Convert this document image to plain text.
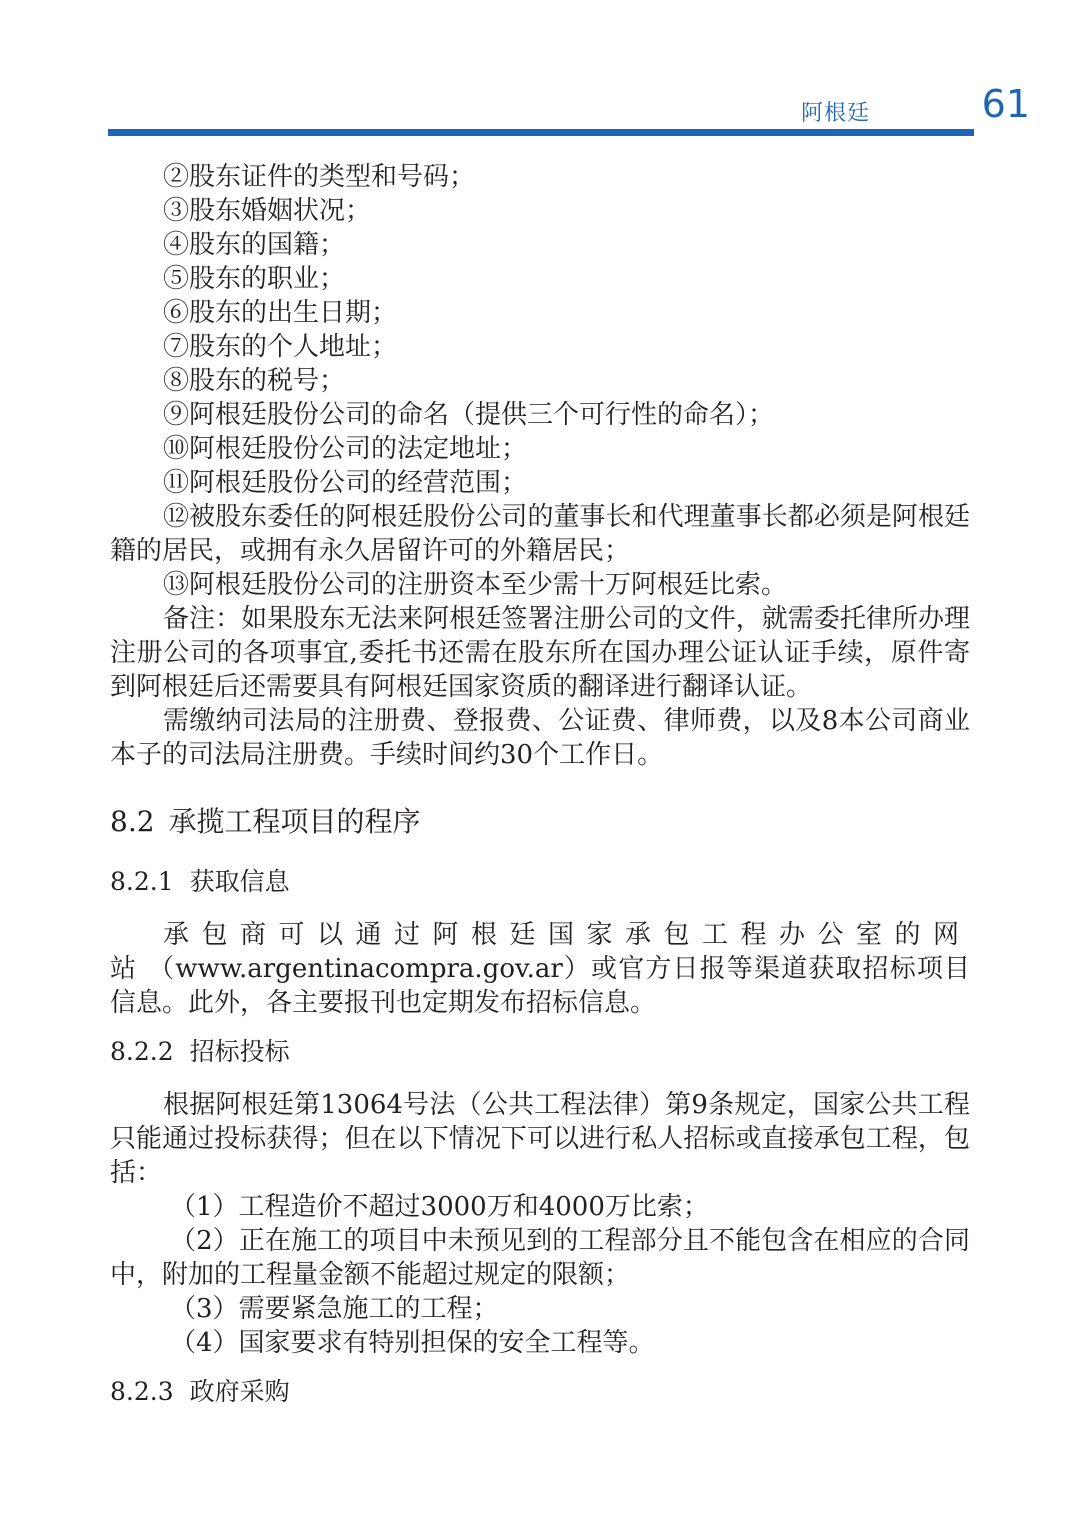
阿根廷	61

②股东证件的类型和号码；

③股东婚姻状况；

④股东的国籍；

⑤股东的职业；

⑥股东的出生日期；

⑦股东的个人地址；

⑧股东的税号；

⑨阿根廷股份公司的命名（提供三个可行性的命名）；

⑩阿根廷股份公司的法定地址；

⑪阿根廷股份公司的经营范围；

⑫被股东委任的阿根廷股份公司的董事长和代理董事长都必须是阿根廷籍的居民，或拥有永久居留许可的外籍居民；

⑬阿根廷股份公司的注册资本至少需十万阿根廷比索。

备注：如果股东无法来阿根廷签署注册公司的文件，就需委托律所办理注册公司的各项事宜,委托书还需在股东所在国办理公证认证手续，原件寄到阿根廷后还需要具有阿根廷国家资质的翻译进行翻译认证。

需缴纳司法局的注册费、登报费、公证费、律师费，以及8本公司商业本子的司法局注册费。手续时间约30个工作日。

8.2 承揽工程项目的程序
8.2.1 获取信息

承包商可以通过阿根廷国家承包工程办公室的网站（www.argentinacompra.gov.ar）或官方日报等渠道获取招标项目信息。此外，各主要报刊也定期发布招标信息。

8.2.2 招标投标

根据阿根廷第13064号法（公共工程法律）第9条规定，国家公共工程只能通过投标获得；但在以下情况下可以进行私人招标或直接承包工程，包括：

（1）工程造价不超过3000万和4000万比索；

（2）正在施工的项目中未预见到的工程部分且不能包含在相应的合同中，附加的工程量金额不能超过规定的限额；

（3）需要紧急施工的工程；

（4）国家要求有特别担保的安全工程等。

8.2.3 政府采购
